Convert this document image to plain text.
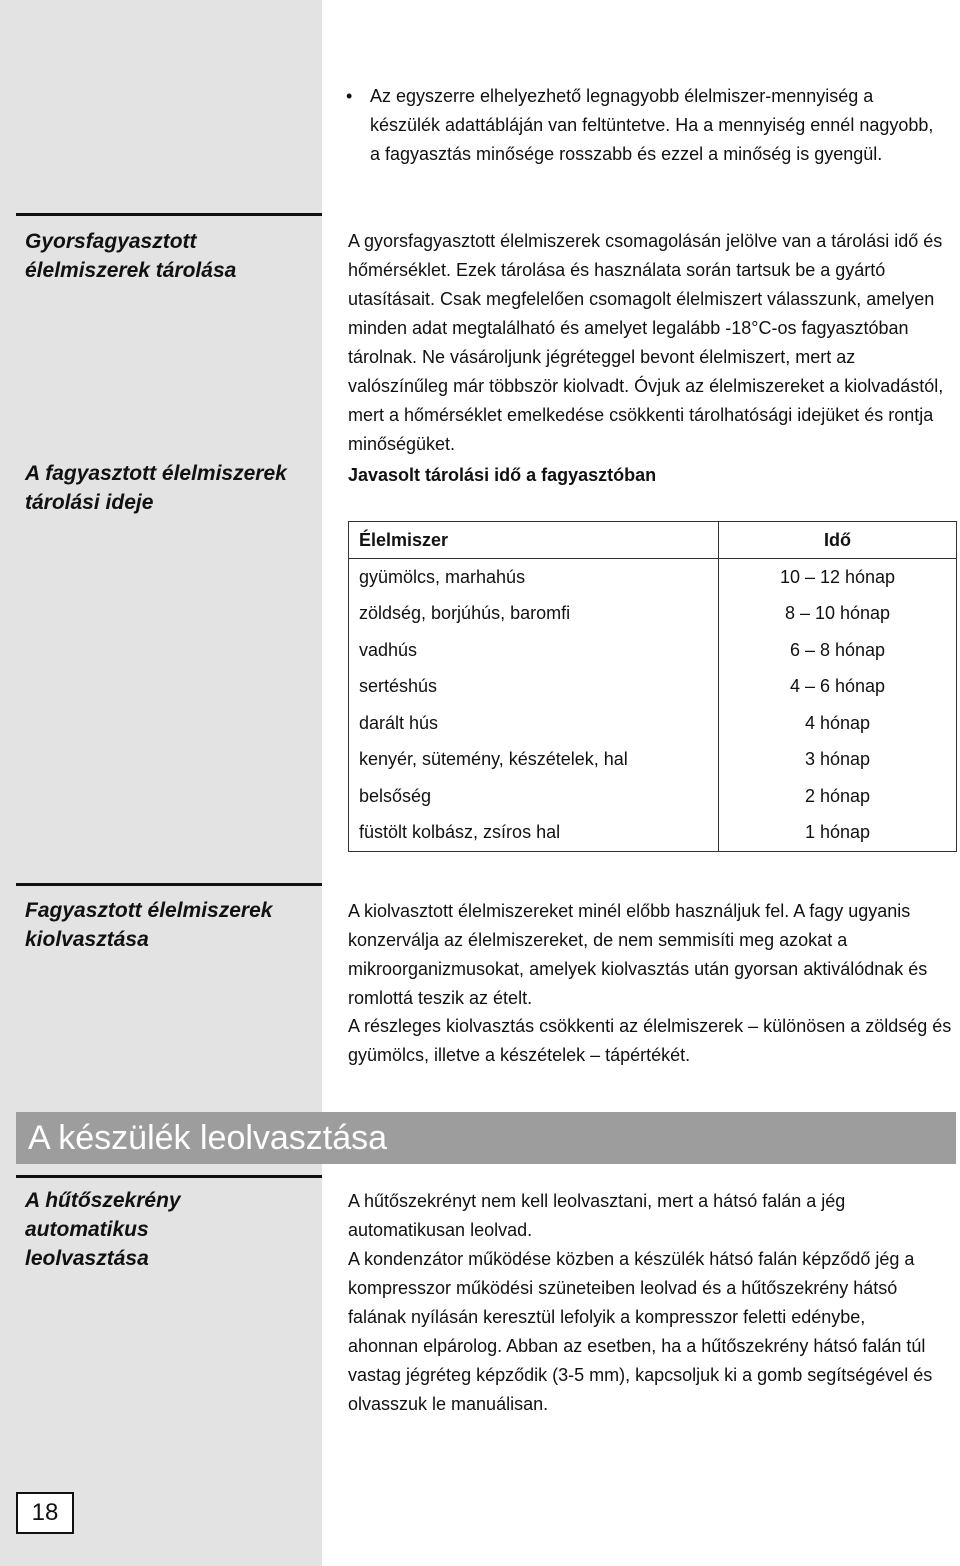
• Az egyszerre elhelyezhető legnagyobb élelmiszer-mennyiség a készülék adattábláján van feltüntetve. Ha a mennyiség ennél nagyobb, a fagyasztás minősége rosszabb és ezzel a minőség is gyengül.
Gyorsfagyasztott élelmiszerek tárolása
A gyorsfagyasztott élelmiszerek csomagolásán jelölve van a tárolási idő és hőmérséklet. Ezek tárolása és használata során tartsuk be a gyártó utasításait. Csak megfelelően csomagolt élelmiszert válasszunk, amelyen minden adat megtalálható és amelyet legalább -18°C-os fagyasztóban tárolnak. Ne vásároljunk jégréteggel bevont élelmiszert, mert az valószínűleg már többször kiolvadt. Óvjuk az élelmiszereket a kiolvadástól, mert a hőmérséklet emelkedése csökkenti tárolhatósági idejüket és rontja minőségüket.
A fagyasztott élelmiszerek tárolási ideje
Javasolt tárolási idő a fagyasztóban
Élelmiszer	Idő
gyümölcs, marhahús	10 – 12 hónap
zöldség, borjúhús, baromfi	8 – 10 hónap
vadhús	6 – 8 hónap
sertéshús	4 – 6 hónap
darált hús	4 hónap
kenyér, sütemény, készételek, hal	3 hónap
belsőség	2 hónap
füstölt kolbász, zsíros hal	1 hónap
Fagyasztott élelmiszerek kiolvasztása
A kiolvasztott élelmiszereket minél előbb használjuk fel. A fagy ugyanis konzerválja az élelmiszereket, de nem semmisíti meg azokat a mikroorganizmusokat, amelyek kiolvasztás után gyorsan aktiválódnak és romlottá teszik az ételt.
A részleges kiolvasztás csökkenti az élelmiszerek – különösen a zöldség és gyümölcs, illetve a készételek – tápértékét.
A készülék leolvasztása
A hűtőszekrény automatikus leolvasztása
A hűtőszekrényt nem kell leolvasztani, mert a hátsó falán a jég automatikusan leolvad.
A kondenzátor működése közben a készülék hátsó falán képződő jég a kompresszor működési szüneteiben leolvad és a hűtőszekrény hátsó falának nyílásán keresztül lefolyik a kompresszor feletti edénybe, ahonnan elpárolog. Abban az esetben, ha a hűtőszekrény hátsó falán túl vastag jégréteg képződik (3-5 mm), kapcsoljuk ki a gomb segítségével és olvasszuk le manuálisan.
18
